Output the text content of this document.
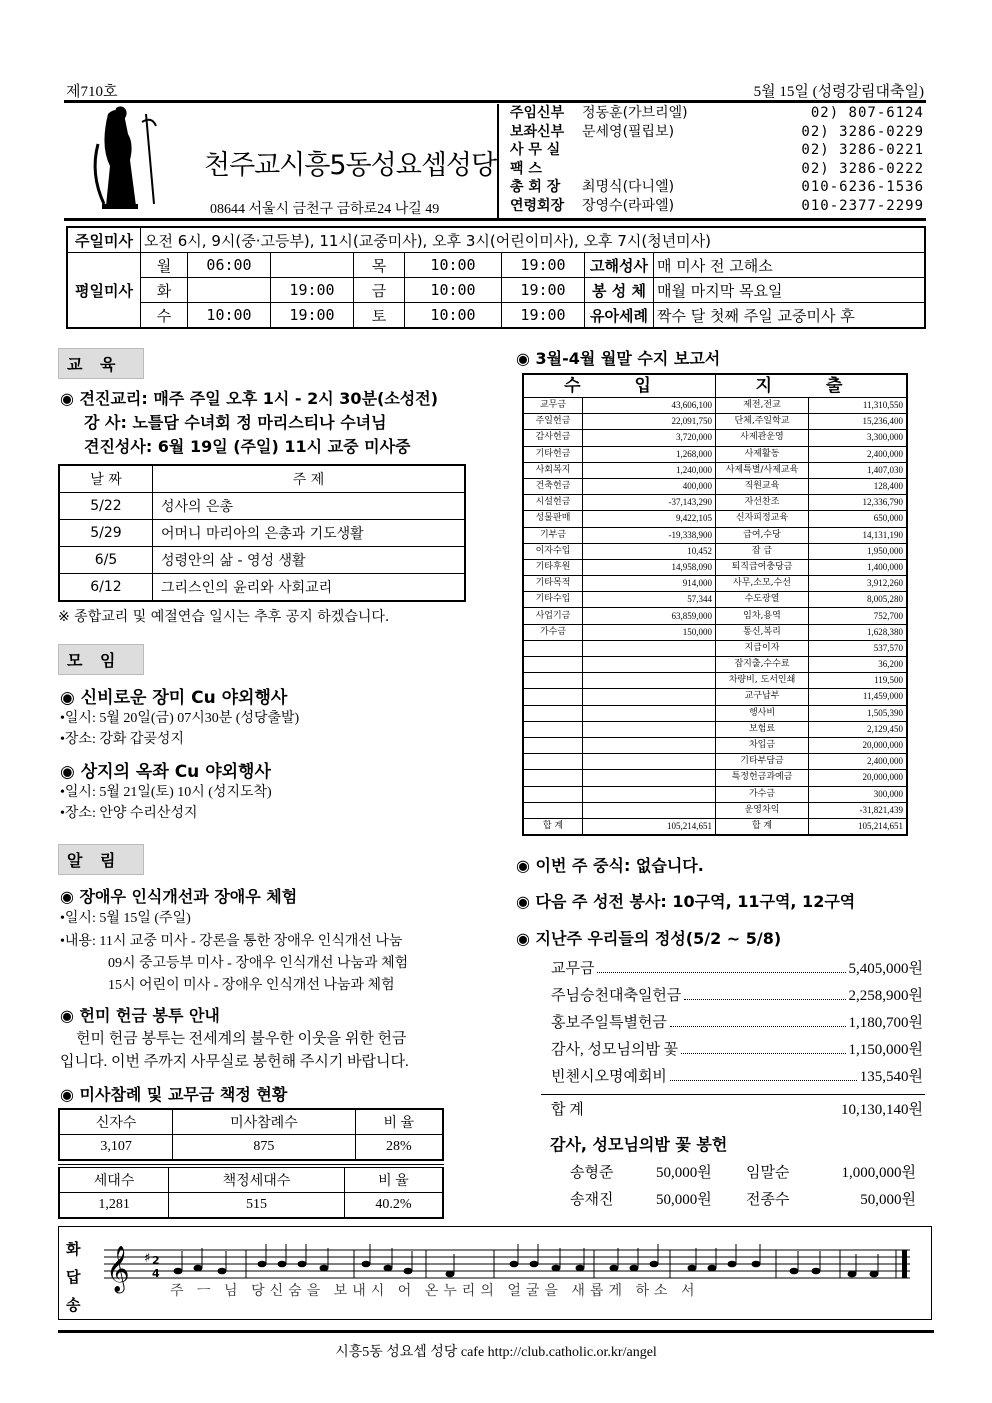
제710호	5월 15일 (성령강림대축일)
천주교시흥5동성요셉성당
08644 서울시 금천구 금하로24 나길 49
주임신부	정동훈(가브리엘)	02) 807-6124
보좌신부	문세영(필립보)	02) 3286-0229
사 무 실	02) 3286-0221
팩 스	02) 3286-0222
총 회 장	최명식(다니엘)	010-6236-1536
연령회장	장영수(라파엘)	010-2377-2299
주일미사	오전 6시, 9시(중·고등부), 11시(교중미사), 오후 3시(어린이미사), 오후 7시(청년미사)							
평일미사	월	06:00		목	10:00	19:00	고해성사	매 미사 전 고해소
	화		19:00	금	10:00	19:00	봉 성 체	매월 마지막 목요일
	수	10:00	19:00	토	10:00	19:00	유아세례	짝수 달 첫째 주일 교중미사 후
교 육
◉ 견진교리: 매주 주일 오후 1시 - 2시 30분(소성전)
강 사: 노틀담 수녀회 정 마리스티나 수녀님
견진성사: 6월 19일 (주일) 11시 교중 미사중
날 짜	주 제
5/22	성사의 은총
5/29	어머니 마리아의 은총과 기도생활
6/5	성령안의 삶 - 영성 생활
6/12	그리스인의 윤리와 사회교리
※ 종합교리 및 예절연습 일시는 추후 공지 하겠습니다.
모 임
◉ 신비로운 장미 Cu 야외행사
•일시: 5월 20일(금) 07시30분 (성당출발)
•장소: 강화 갑곶성지
◉ 상지의 옥좌 Cu 야외행사
•일시: 5월 21일(토) 10시 (성지도착)
•장소: 안양 수리산성지
알 림
◉ 장애우 인식개선과 장애우 체험
•일시: 5월 15일 (주일)
•내용: 11시 교중 미사 - 강론을 통한 장애우 인식개선 나눔
09시 중고등부 미사 - 장애우 인식개선 나눔과 체험
15시 어린이 미사 - 장애우 인식개선 나눔과 체험
◉ 헌미 헌금 봉투 안내
헌미 헌금 봉투는 전세계의 불우한 이웃을 위한 헌금
입니다. 이번 주까지 사무실로 봉헌해 주시기 바랍니다.
◉ 미사참례 및 교무금 책정 현황
신자수	미사참례수	비 율
3,107	875	28%
세대수	책정세대수	비 율
1,281	515	40.2%
◉ 3월-4월 월말 수지 보고서
수 입		지 출	
교무금	43,606,100	제전,전교	11,310,550
주일헌금	22,091,750	단체,주일학교	15,236,400
감사헌금	3,720,000	사제관운영	3,300,000
기타헌금	1,268,000	사제활동	2,400,000
사회복지	1,240,000	사제특별/사제교육	1,407,030
건축헌금	400,000	직원교육	128,400
시설헌금	-37,143,290	자선찬조	12,336,790
성물판매	9,422,105	신자피정교육	650,000
기부금	-19,338,900	급여,수당	14,131,190
이자수입	10,452	잡 급	1,950,000
기타후원	14,958,090	퇴직급여충당금	1,400,000
기타목적	914,000	사무,소모,수선	3,912,260
기타수입	57,344	수도광열	8,005,280
사업기금	63,859,000	임차,용역	752,700
가수금	150,000	통신,복리	1,628,380
		지급이자	537,570
		잡지출,수수료	36,200
		차량비, 도서인쇄	119,500
		교구납부	11,459,000
		행사비	1,505,390
		보험료	2,129,450
		차입금	20,000,000
		기타부담금	2,400,000
		특정헌금과예금	20,000,000
		가수금	300,000
		운영차익	-31,821,439
합 계	105,214,651	합 계	105,214,651
◉ 이번 주 중식: 없습니다.
◉ 다음 주 성전 봉사: 10구역, 11구역, 12구역
◉ 지난주 우리들의 정성(5/2 ~ 5/8)
교무금	5,405,000원
주님승천대축일헌금	2,258,900원
홍보주일특별헌금	1,180,700원
감사, 성모님의밤 꽃	1,150,000원
빈첸시오명예회비	135,540원
합 계	10,130,140원
감사, 성모님의밤 꽃 봉헌
송형준	50,000원 임말순	1,000,000원
송재진	50,000원 전종수	50,000원
화
답
송
𝄞 ♯ 2
4
주 ㅡ 님 당신숨을 보내시 어 온누리의 얼굴을 새롭게 하소 서
시흥5동 성요셉 성당 cafe http://club.catholic.or.kr/angel
